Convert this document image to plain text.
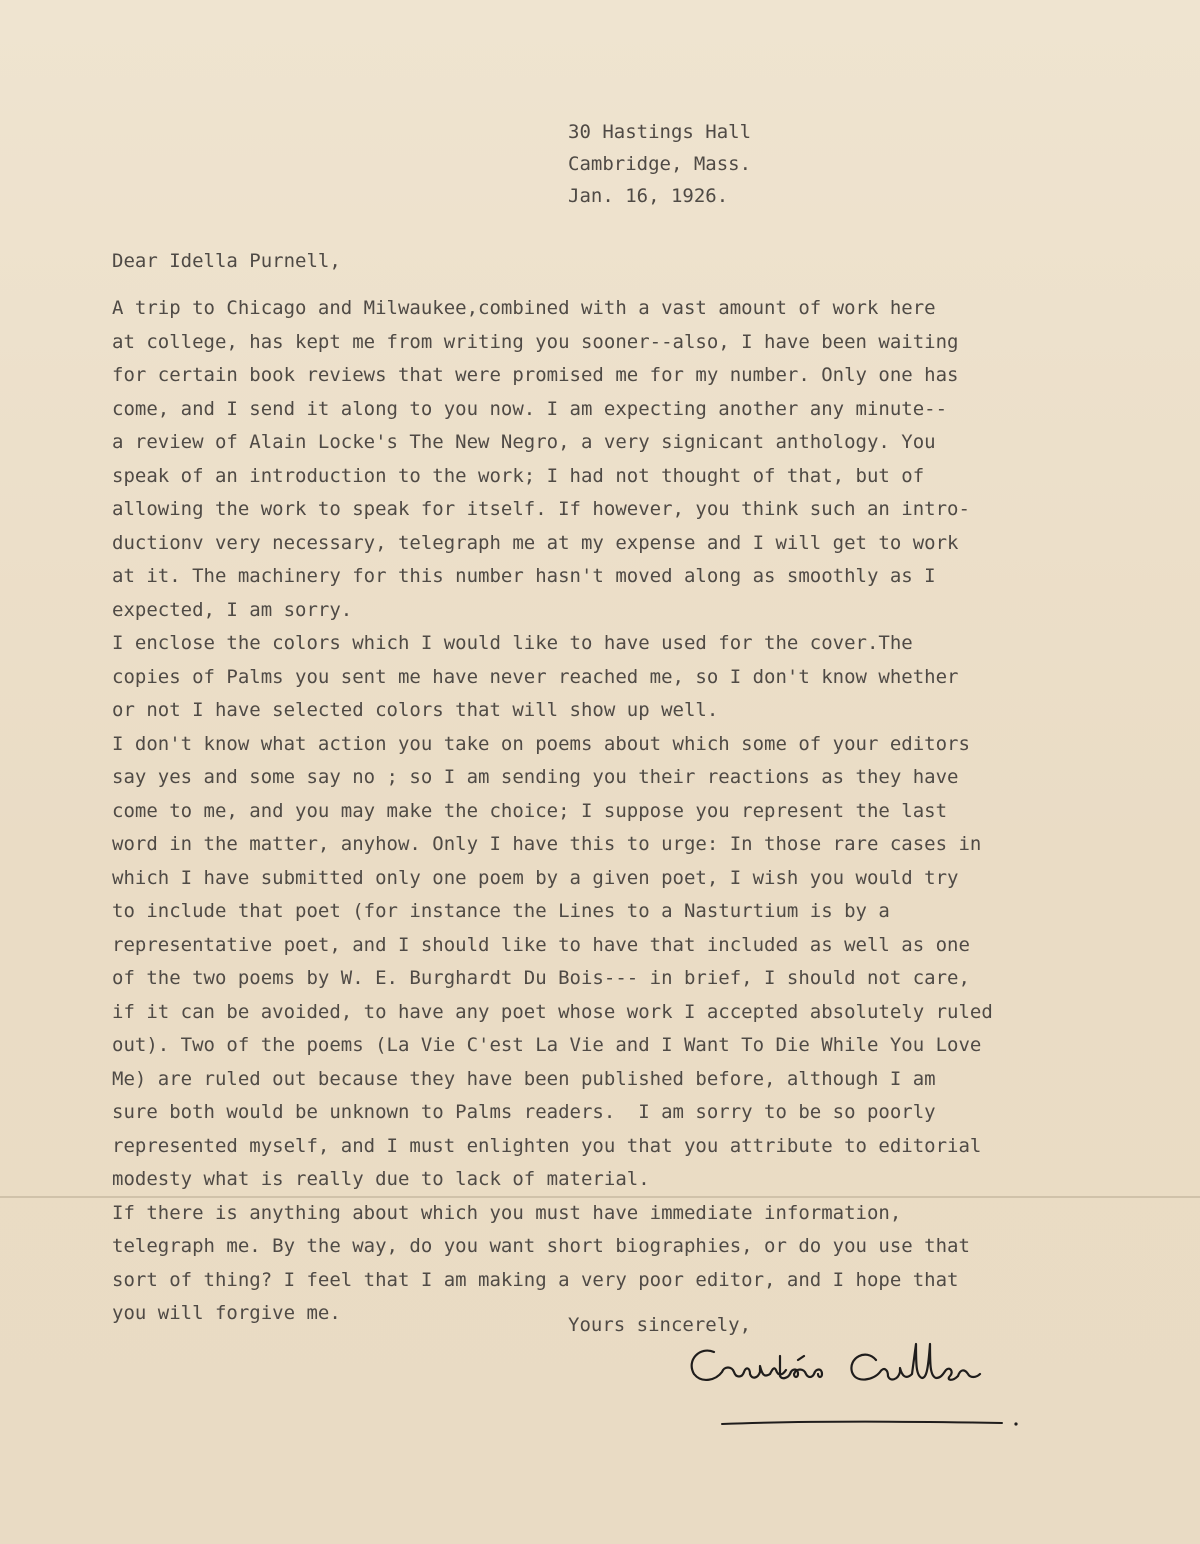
30 Hastings Hall
Cambridge, Mass.
Jan. 16, 1926.
Dear Idella Purnell,
A trip to Chicago and Milwaukee,combined with a vast amount of work here
at college, has kept me from writing you sooner--also, I have been waiting
for certain book reviews that were promised me for my number. Only one has
come, and I send it along to you now. I am expecting another any minute--
a review of Alain Locke's The New Negro, a very signicant anthology. You
speak of an introduction to the work; I had not thought of that, but of
allowing the work to speak for itself. If however, you think such an intro-
ductionv very necessary, telegraph me at my expense and I will get to work
at it. The machinery for this number hasn't moved along as smoothly as I
expected, I am sorry.
I enclose the colors which I would like to have used for the cover.The
copies of Palms you sent me have never reached me, so I don't know whether
or not I have selected colors that will show up well.
I don't know what action you take on poems about which some of your editors
say yes and some say no ; so I am sending you their reactions as they have
come to me, and you may make the choice; I suppose you represent the last
word in the matter, anyhow. Only I have this to urge: In those rare cases in
which I have submitted only one poem by a given poet, I wish you would try
to include that poet (for instance the Lines to a Nasturtium is by a
representative poet, and I should like to have that included as well as one
of the two poems by W. E. Burghardt Du Bois--- in brief, I should not care,
if it can be avoided, to have any poet whose work I accepted absolutely ruled
out). Two of the poems (La Vie C'est La Vie and I Want To Die While You Love
Me) are ruled out because they have been published before, although I am
sure both would be unknown to Palms readers.  I am sorry to be so poorly
represented myself, and I must enlighten you that you attribute to editorial
modesty what is really due to lack of material.
If there is anything about which you must have immediate information,
telegraph me. By the way, do you want short biographies, or do you use that
sort of thing? I feel that I am making a very poor editor, and I hope that
you will forgive me.
Yours sincerely,
